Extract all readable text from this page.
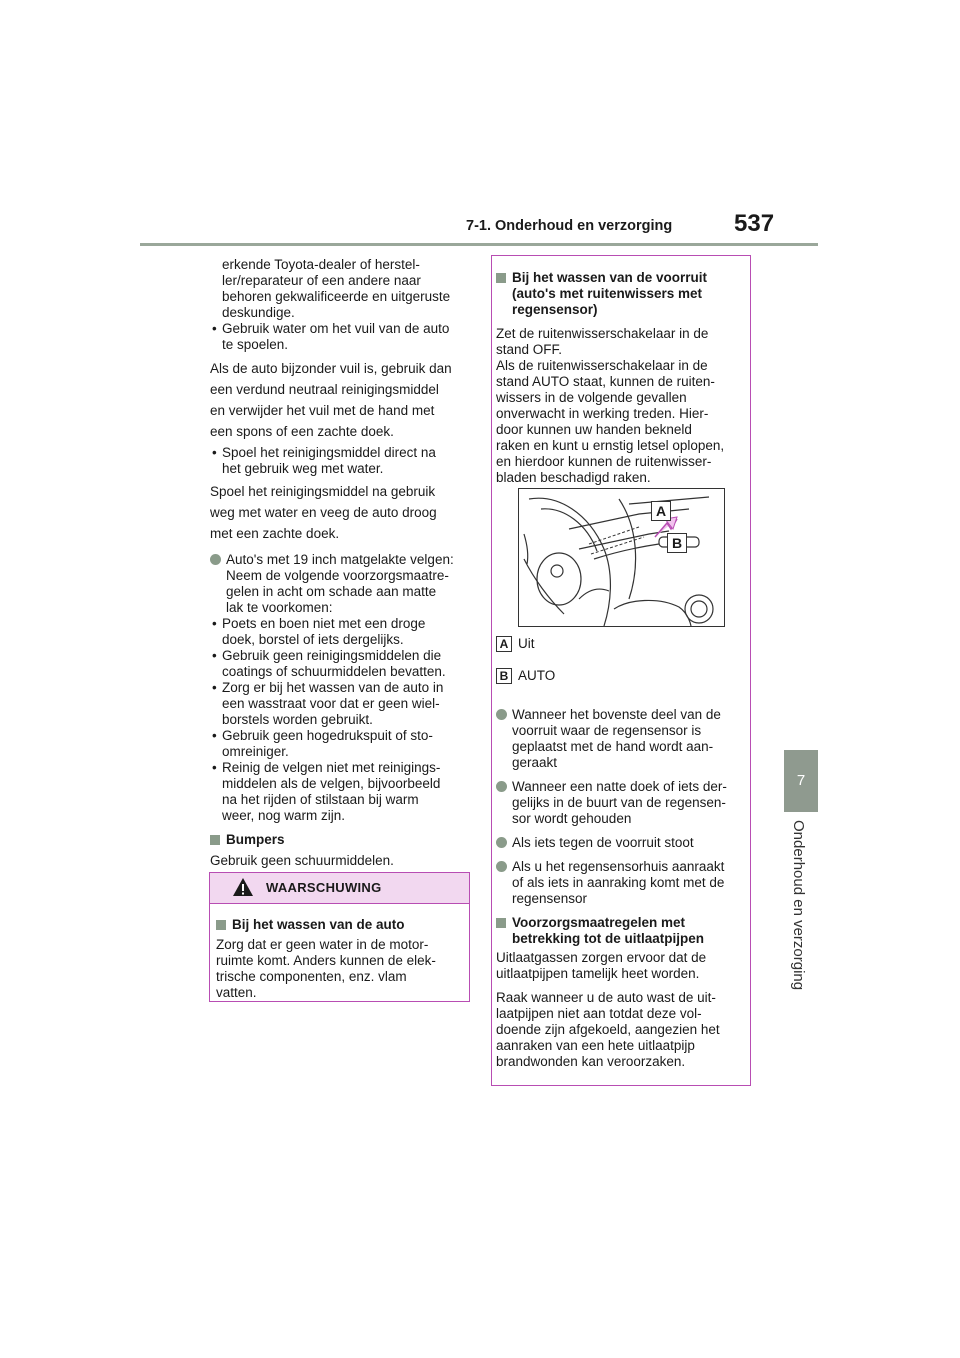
7-1. Onderhoud en verzorging	537
7
Onderhoud en verzorging

erkende Toyota-dealer of herstel-

ler/reparateur of een andere naar

behoren gekwalificeerde en uitgeruste

deskundige.

• Gebruik water om het vuil van de auto

te spoelen.

Als de auto bijzonder vuil is, gebruik dan

een verdund neutraal reinigingsmiddel

en verwijder het vuil met de hand met

een spons of een zachte doek.

• Spoel het reinigingsmiddel direct na

het gebruik weg met water.

Spoel het reinigingsmiddel na gebruik

weg met water en veeg de auto droog

met een zachte doek.

Auto's met 19 inch matgelakte velgen:

Neem de volgende voorzorgsmaatre-

gelen in acht om schade aan matte

lak te voorkomen:

• Poets en boen niet met een droge

doek, borstel of iets dergelijks.

• Gebruik geen reinigingsmiddelen die

coatings of schuurmiddelen bevatten.

• Zorg er bij het wassen van de auto in

een wasstraat voor dat er geen wiel-

borstels worden gebruikt.

• Gebruik geen hogedrukspuit of sto-

omreiniger.

• Reinig de velgen niet met reinigings-

middelen als de velgen, bijvoorbeeld

na het rijden of stilstaan bij warm

weer, nog warm zijn.

Bumpers

Gebruik geen schuurmiddelen.

WAARSCHUWING
Bij het wassen van de auto

Zorg dat er geen water in de motor-

ruimte komt. Anders kunnen de elek-

trische componenten, enz. vlam

vatten.

Bij het wassen van de voorruit

(auto's met ruitenwissers met

regensensor)

Zet de ruitenwisserschakelaar in de

stand OFF.

Als de ruitenwisserschakelaar in de

stand AUTO staat, kunnen de ruiten-

wissers in de volgende gevallen

onverwacht in werking treden. Hier-

door kunnen uw handen bekneld

raken en kunt u ernstig letsel oplopen,

en hierdoor kunnen de ruitenwisser-

bladen beschadigd raken.

A
B
A Uit
B AUTO

Wanneer het bovenste deel van de

voorruit waar de regensensor is

geplaatst met de hand wordt aan-

geraakt

Wanneer een natte doek of iets der-

gelijks in de buurt van de regensen-

sor wordt gehouden

Als iets tegen de voorruit stoot

Als u het regensensorhuis aanraakt

of als iets in aanraking komt met de

regensensor

Voorzorgsmaatregelen met

betrekking tot de uitlaatpijpen

Uitlaatgassen zorgen ervoor dat de

uitlaatpijpen tamelijk heet worden.

Raak wanneer u de auto wast de uit-

laatpijpen niet aan totdat deze vol-

doende zijn afgekoeld, aangezien het

aanraken van een hete uitlaatpijp

brandwonden kan veroorzaken.
